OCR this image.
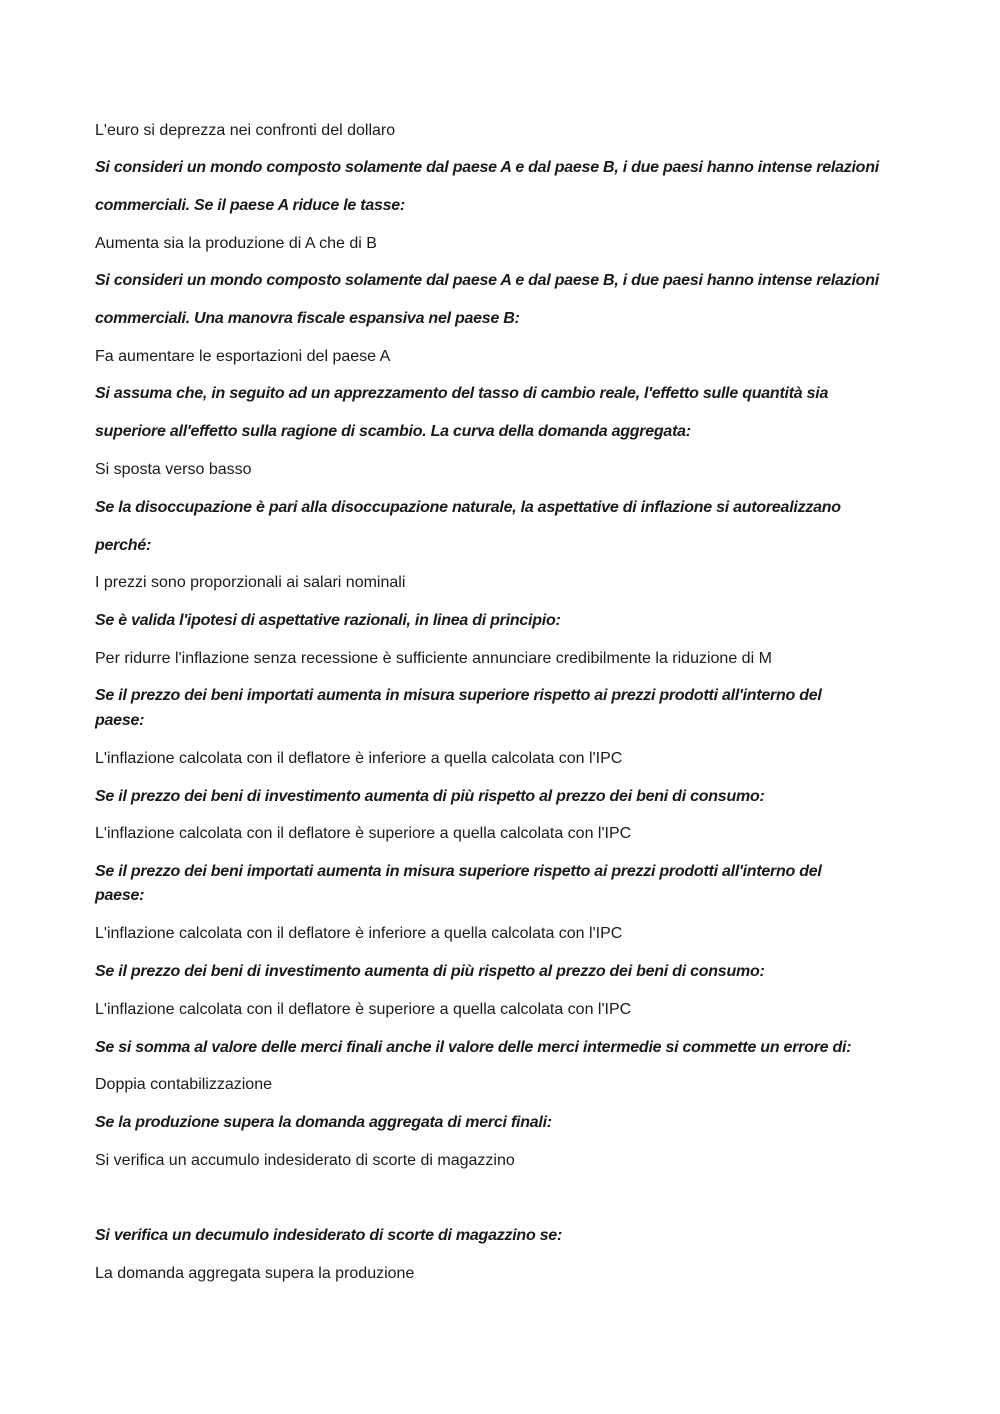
L'euro si deprezza nei confronti del dollaro
Si consideri un mondo composto solamente dal paese A e dal paese B, i due paesi hanno intense relazioni
commerciali. Se il paese A riduce le tasse:
Aumenta sia la produzione di A che di B
Si consideri un mondo composto solamente dal paese A e dal paese B, i due paesi hanno intense relazioni
commerciali. Una manovra fiscale espansiva nel paese B:
Fa aumentare le esportazioni del paese A
Si assuma che, in seguito ad un apprezzamento del tasso di cambio reale, l'effetto sulle quantità sia
superiore all'effetto sulla ragione di scambio. La curva della domanda aggregata:
Si sposta verso basso
Se la disoccupazione è pari alla disoccupazione naturale, la aspettative di inflazione si autorealizzano
perché:
I prezzi sono proporzionali ai salari nominali
Se è valida l'ipotesi di aspettative razionali, in linea di principio:
Per ridurre l'inflazione senza recessione è sufficiente annunciare credibilmente la riduzione di M
Se il prezzo dei beni importati aumenta in misura superiore rispetto ai prezzi prodotti all'interno del
paese:
L'inflazione calcolata con il deflatore è inferiore a quella calcolata con l'IPC
Se il prezzo dei beni di investimento aumenta di più rispetto al prezzo dei beni di consumo:
L'inflazione calcolata con il deflatore è superiore a quella calcolata con l'IPC
Se il prezzo dei beni importati aumenta in misura superiore rispetto ai prezzi prodotti all'interno del
paese:
L'inflazione calcolata con il deflatore è inferiore a quella calcolata con l'IPC
Se il prezzo dei beni di investimento aumenta di più rispetto al prezzo dei beni di consumo:
L'inflazione calcolata con il deflatore è superiore a quella calcolata con l'IPC
Se si somma al valore delle merci finali anche il valore delle merci intermedie si commette un errore di:
Doppia contabilizzazione
Se la produzione supera la domanda aggregata di merci finali:
Si verifica un accumulo indesiderato di scorte di magazzino
Si verifica un decumulo indesiderato di scorte di magazzino se:
La domanda aggregata supera la produzione
